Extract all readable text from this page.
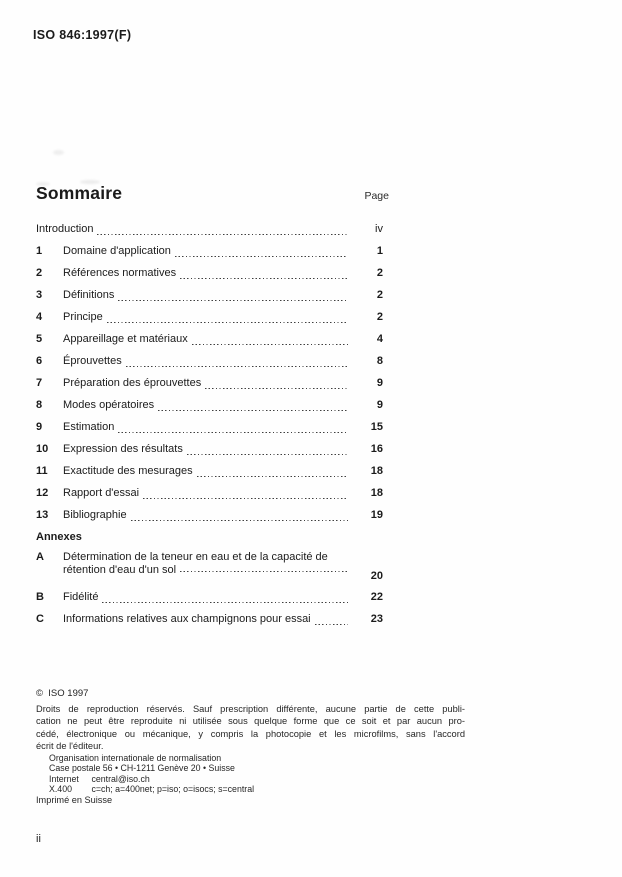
ISO 846:1997(F)
Sommaire	Page
Introduction	iv
1	Domaine d'application	1
2	Références normatives	2
3	Définitions	2
4	Principe	2
5	Appareillage et matériaux	4
6	Éprouvettes	8
7	Préparation des éprouvettes	9
8	Modes opératoires	9
9	Estimation	15
10	Expression des résultats	16
11	Exactitude des mesurages	18
12	Rapport d'essai	18
13	Bibliographie	19
Annexes
A	Détermination de la teneur en eau et de la capacité de
rétention d'eau d'un sol	20
B	Fidélité	22
C	Informations relatives aux champignons pour essai	23
©  ISO 1997
Droits de reproduction réservés. Sauf prescription différente, aucune partie de cette publi-
cation ne peut être reproduite ni utilisée sous quelque forme que ce soit et par aucun pro-
cédé, électronique ou mécanique, y compris la photocopie et les microfilms, sans l'accord
écrit de l'éditeur.
Organisation internationale de normalisation
Case postale 56 • CH-1211 Genève 20 • Suisse
Internet central@iso.ch
X.400 c=ch; a=400net; p=iso; o=isocs; s=central
Imprimé en Suisse
ii
